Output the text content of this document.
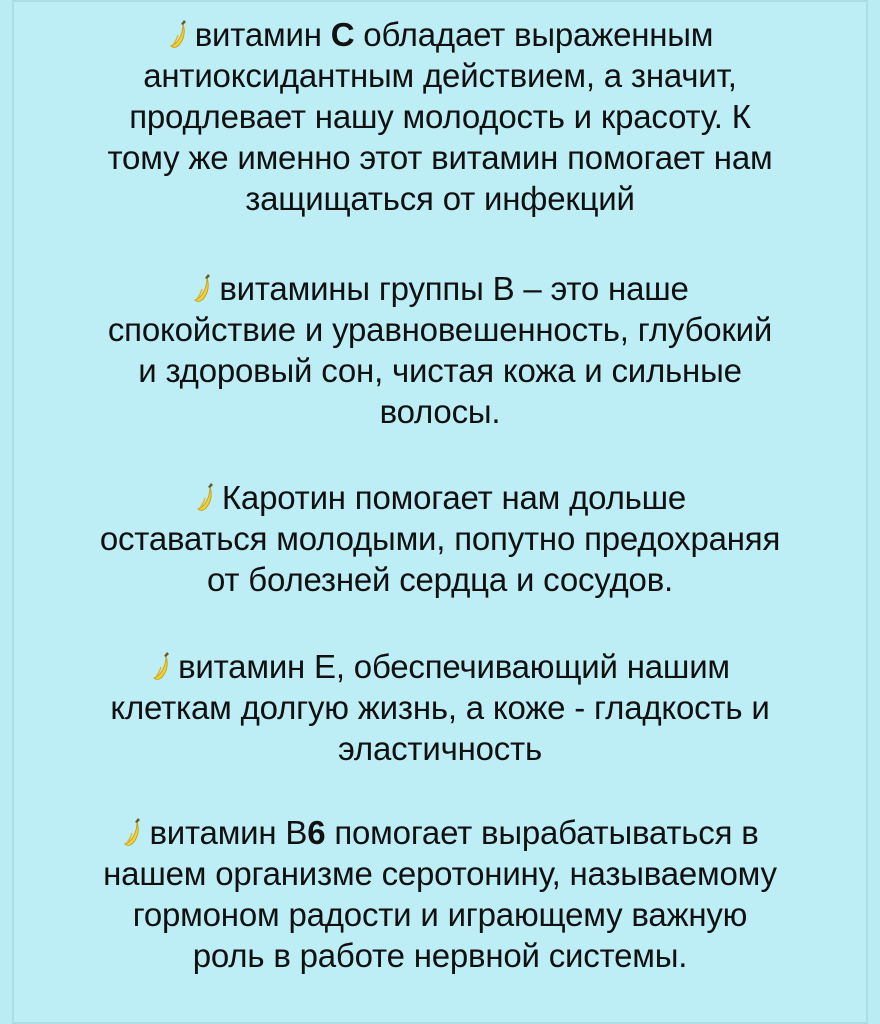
витамин C обладает выраженным
антиоксидантным действием, а значит,
продлевает нашу молодость и красоту. К
тому же именно этот витамин помогает нам
защищаться от инфекций
витамины группы В – это наше
спокойствие и уравновешенность, глубокий
и здоровый сон, чистая кожа и сильные
волосы.
Каротин помогает нам дольше
оставаться молодыми, попутно предохраняя
от болезней сердца и сосудов.
витамин Е, обеспечивающий нашим
клеткам долгую жизнь, а коже - гладкость и
эластичность
витамин В6 помогает вырабатываться в
нашем организме серотонину, называемому
гормоном радости и играющему важную
роль в работе нервной системы.
